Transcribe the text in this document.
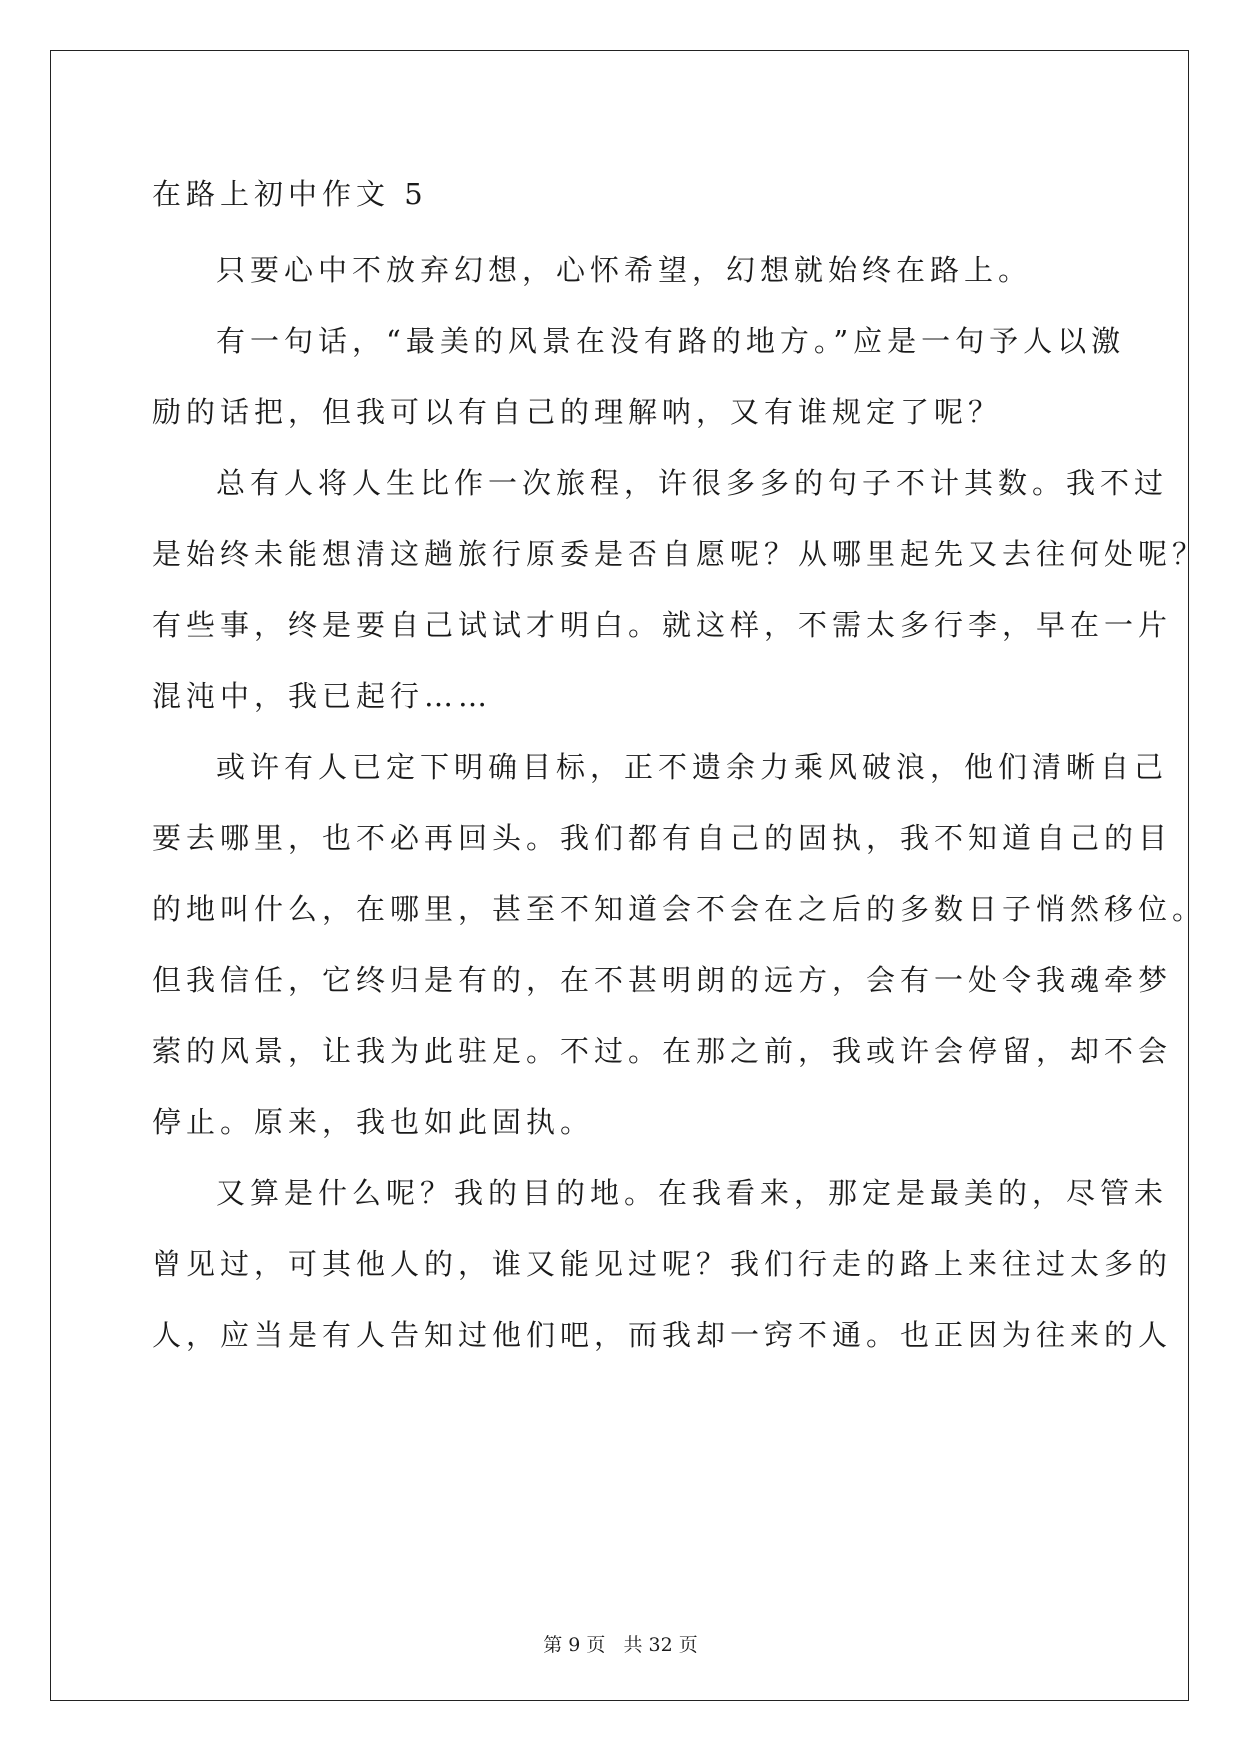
在路上初中作文 5

只要心中不放弃幻想，心怀希望，幻想就始终在路上。

有一句话，“最美的风景在没有路的地方。”应是一句予人以激
励的话把，但我可以有自己的理解呐，又有谁规定了呢？

总有人将人生比作一次旅程，许很多多的句子不计其数。我不过
是始终未能想清这趟旅行原委是否自愿呢？从哪里起先又去往何处呢？
有些事，终是要自己试试才明白。就这样，不需太多行李，早在一片
混沌中，我已起行……

或许有人已定下明确目标，正不遗余力乘风破浪，他们清晰自己
要去哪里，也不必再回头。我们都有自己的固执，我不知道自己的目
的地叫什么，在哪里，甚至不知道会不会在之后的多数日子悄然移位。
但我信任，它终归是有的，在不甚明朗的远方，会有一处令我魂牵梦
萦的风景，让我为此驻足。不过。在那之前，我或许会停留，却不会
停止。原来，我也如此固执。

又算是什么呢？我的目的地。在我看来，那定是最美的，尽管未
曾见过，可其他人的，谁又能见过呢？我们行走的路上来往过太多的
人，应当是有人告知过他们吧，而我却一窍不通。也正因为往来的人

第 9 页   共 32 页
